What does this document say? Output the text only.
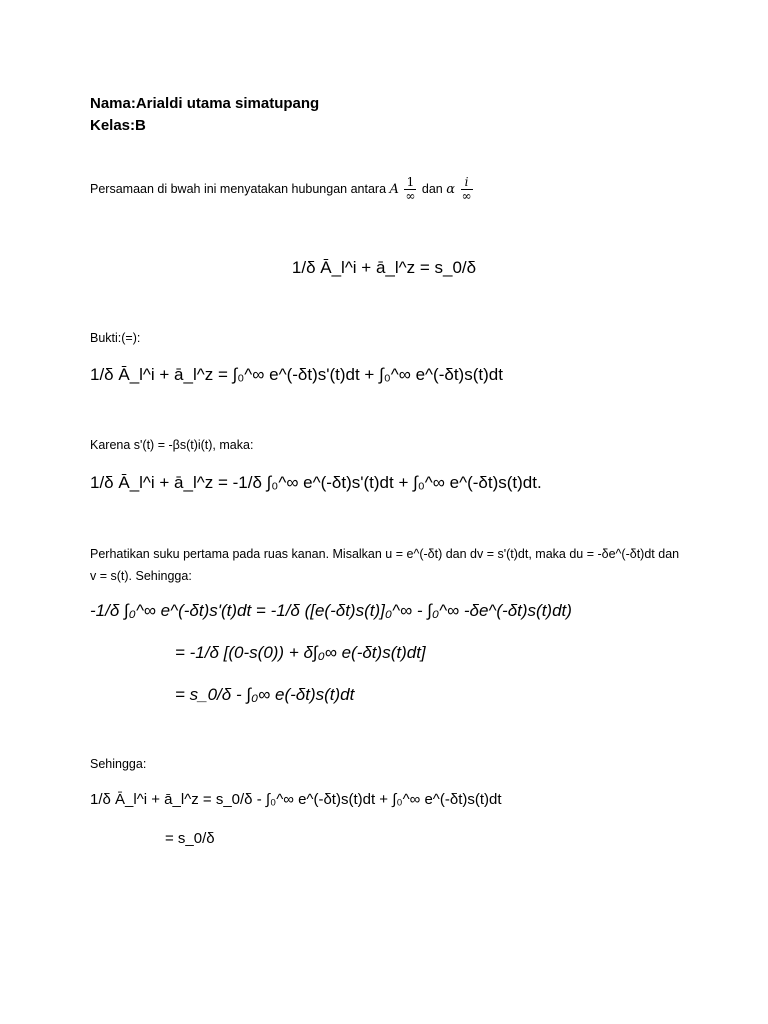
Nama:Arialdi utama simatupang
Kelas:B
Persamaan di bwah ini menyatakan hubungan antara A $\frac{1}{\infty}$ dan α $\frac{i}{\infty}$
1/δ Ā_l^i + ā_l^z = s_0/δ
Bukti:(=):
1/δ Ā_l^i + ā_l^z = ∫₀^∞ e^(-δt)s'(t)dt + ∫₀^∞ e^(-δt)s(t)dt
Karena s'(t) = -βs(t)i(t), maka:
1/δ Ā_l^i + ā_l^z = -1/δ ∫₀^∞ e^(-δt)s'(t)dt + ∫₀^∞ e^(-δt)s(t)dt.
Perhatikan suku pertama pada ruas kanan. Misalkan u = e^(-δt) dan dv = s'(t)dt, maka du = -δe^(-δt)dt dan v = s(t). Sehingga:
-1/δ ∫₀^∞ e^(-δt)s'(t)dt = -1/δ ([e(-δt)s(t)]₀^∞ - ∫₀^∞ -δe^(-δt)s(t)dt)
= -1/δ [(0-s(0)) + δ∫₀∞ e(-δt)s(t)dt]
= s_0/δ - ∫₀∞ e(-δt)s(t)dt
Sehingga:
1/δ Ā_l^i + ā_l^z = s_0/δ - ∫₀^∞ e^(-δt)s(t)dt + ∫₀^∞ e^(-δt)s(t)dt
= s_0/δ
